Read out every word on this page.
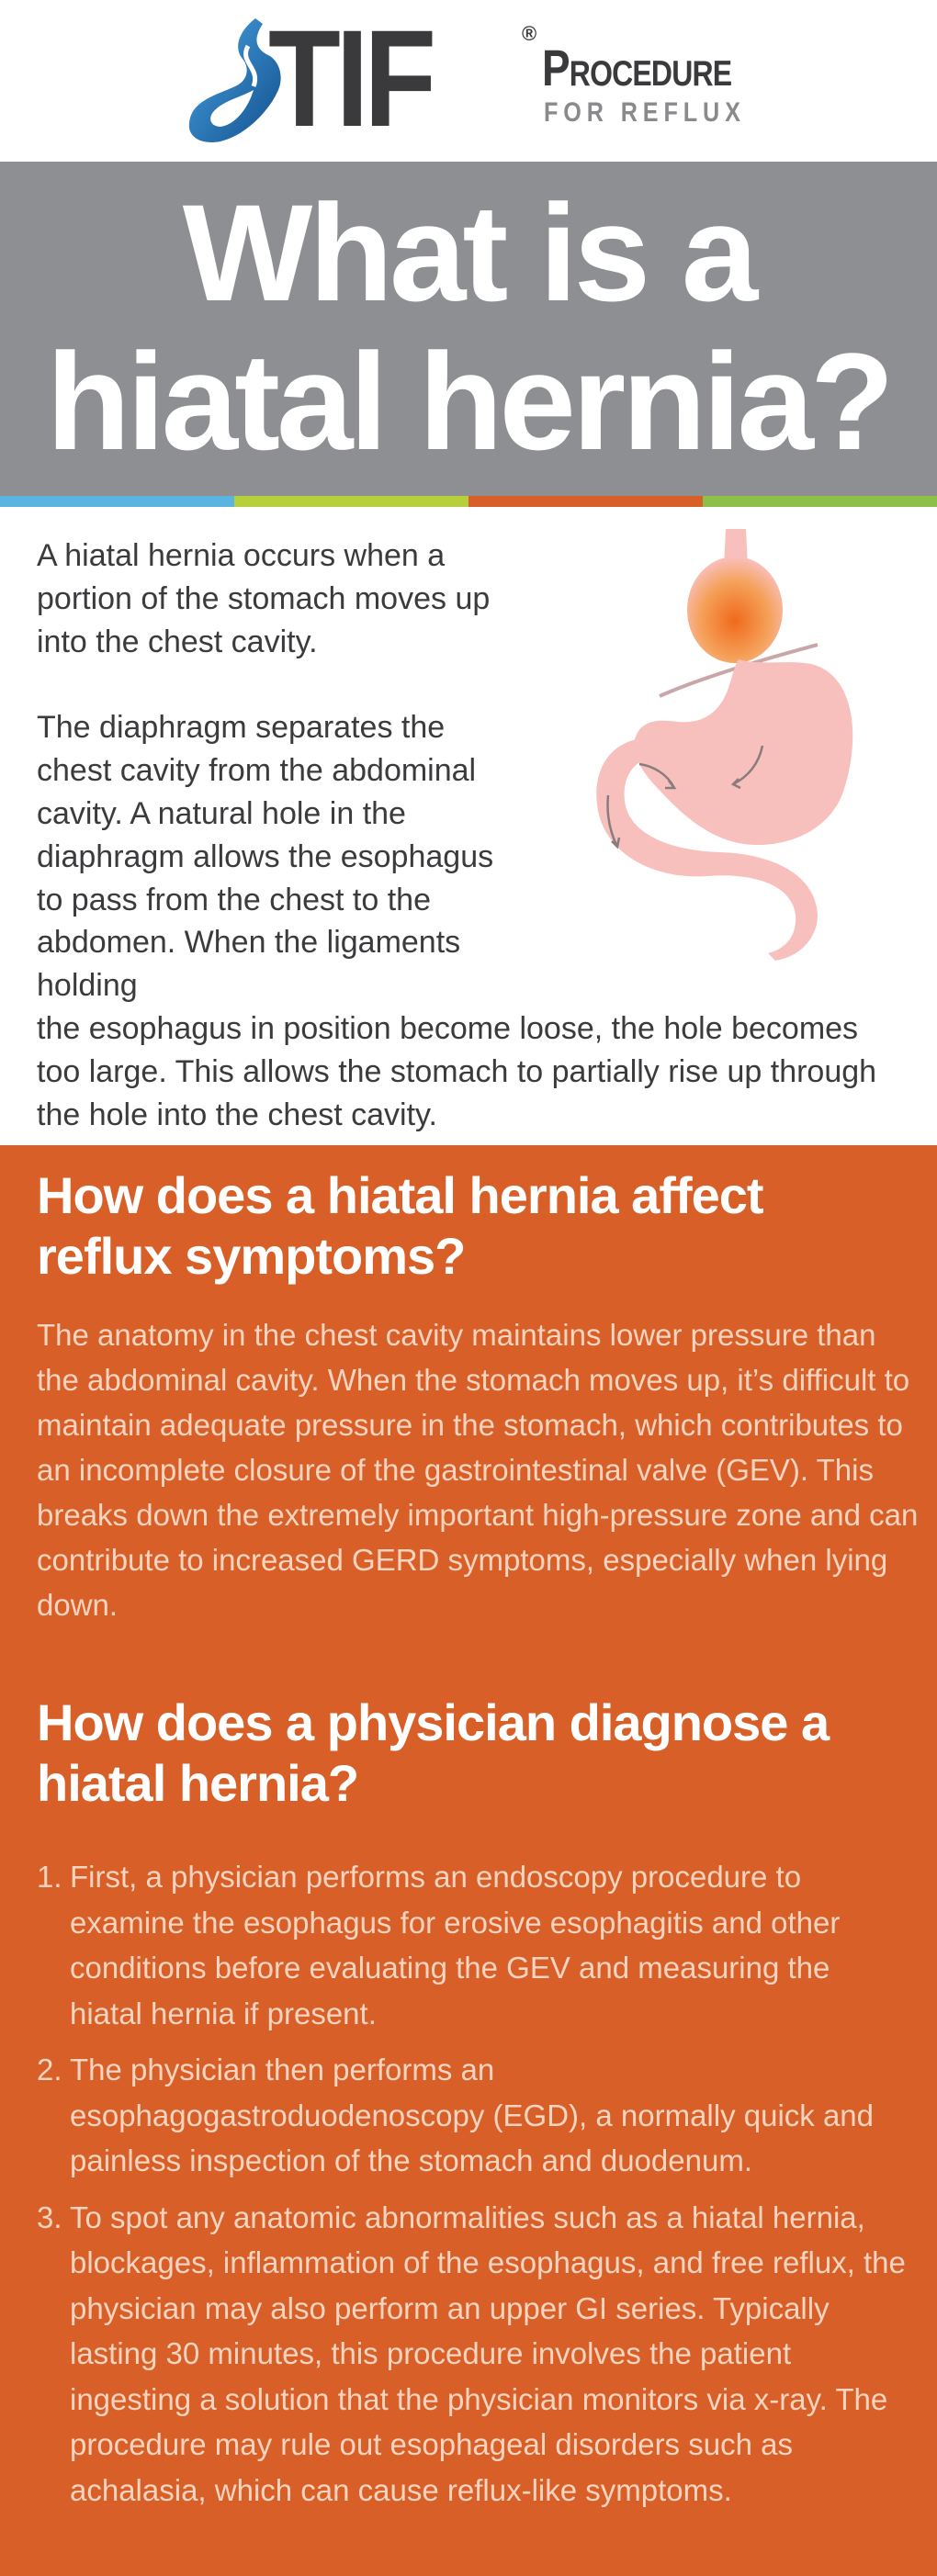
TIF	®
Procedure
FOR REFLUX
What is a
hiatal hernia?

A hiatal hernia occurs when a portion of the stomach moves up into the chest cavity.

The diaphragm separates the chest cavity from the abdominal cavity. A natural hole in the diaphragm allows the esophagus to pass from the chest to the abdomen. When the ligaments holding
the esophagus in position become loose, the hole becomes too large. This allows the stomach to partially rise up through the hole into the chest cavity.

How does a hiatal hernia affect reflux symptoms?

The anatomy in the chest cavity maintains lower pressure than the abdominal cavity. When the stomach moves up, it’s difficult to maintain adequate pressure in the stomach, which contributes to an incomplete closure of the gastrointestinal valve (GEV). This breaks down the extremely important high-pressure zone and can contribute to increased GERD symptoms, especially when lying down.

How does a physician diagnose a hiatal hernia?
1. First, a physician performs an endoscopy procedure to examine the esophagus for erosive esophagitis and other conditions before evaluating the GEV and measuring the hiatal hernia if present.
2. The physician then performs an esophagogastroduodenoscopy (EGD), a normally quick and painless inspection of the stomach and duodenum.
3. To spot any anatomic abnormalities such as a hiatal hernia, blockages, inflammation of the esophagus, and free reflux, the physician may also perform an upper GI series. Typically lasting 30 minutes, this procedure involves the patient ingesting a solution that the physician monitors via x-ray. The procedure may rule out esophageal disorders such as achalasia, which can cause reflux-like symptoms.
